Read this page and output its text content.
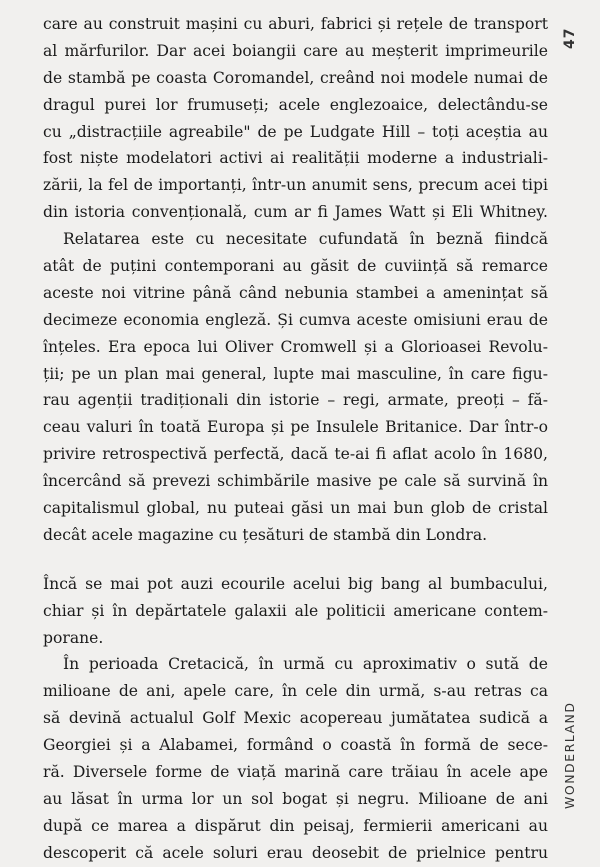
care au construit mașini cu aburi, fabrici și rețele de transport
al mărfurilor. Dar acei boiangii care au meșterit imprimeurile
de stambă pe coasta Coromandel, creând noi modele numai de
dragul purei lor frumuseți; acele englezoaice, delectându-se
cu „distracțiile agreabile" de pe Ludgate Hill – toți aceștia au
fost niște modelatori activi ai realității moderne a industriali-
zării, la fel de importanți, într-un anumit sens, precum acei tipi
din istoria convențională, cum ar fi James Watt și Eli Whitney.

Relatarea este cu necesitate cufundată în beznă fiindcă
atât de puțini contemporani au găsit de cuviință să remarce
aceste noi vitrine până când nebunia stambei a amenințat să
decimeze economia engleză. Și cumva aceste omisiuni erau de
înțeles. Era epoca lui Oliver Cromwell și a Glorioasei Revolu-
ții; pe un plan mai general, lupte mai masculine, în care figu-
rau agenții tradiționali din istorie – regi, armate, preoți – fă-
ceau valuri în toată Europa și pe Insulele Britanice. Dar într-o
privire retrospectivă perfectă, dacă te-ai fi aflat acolo în 1680,
încercând să prevezi schimbările masive pe cale să survină în
capitalismul global, nu puteai găsi un mai bun glob de cristal
decât acele magazine cu țesături de stambă din Londra.

Încă se mai pot auzi ecourile acelui big bang al bumbacului,
chiar și în depărtatele galaxii ale politicii americane contem-
porane.

În perioada Cretacică, în urmă cu aproximativ o sută de
milioane de ani, apele care, în cele din urmă, s-au retras ca
să devină actualul Golf Mexic acopereau jumătatea sudică a
Georgiei și a Alabamei, formând o coastă în formă de sece-
ră. Diversele forme de viață marină care trăiau în acele ape
au lăsat în urma lor un sol bogat și negru. Milioane de ani
după ce marea a dispărut din peisaj, fermierii americani au
descoperit că acele soluri erau deosebit de prielnice pentru

47
WONDERLAND
